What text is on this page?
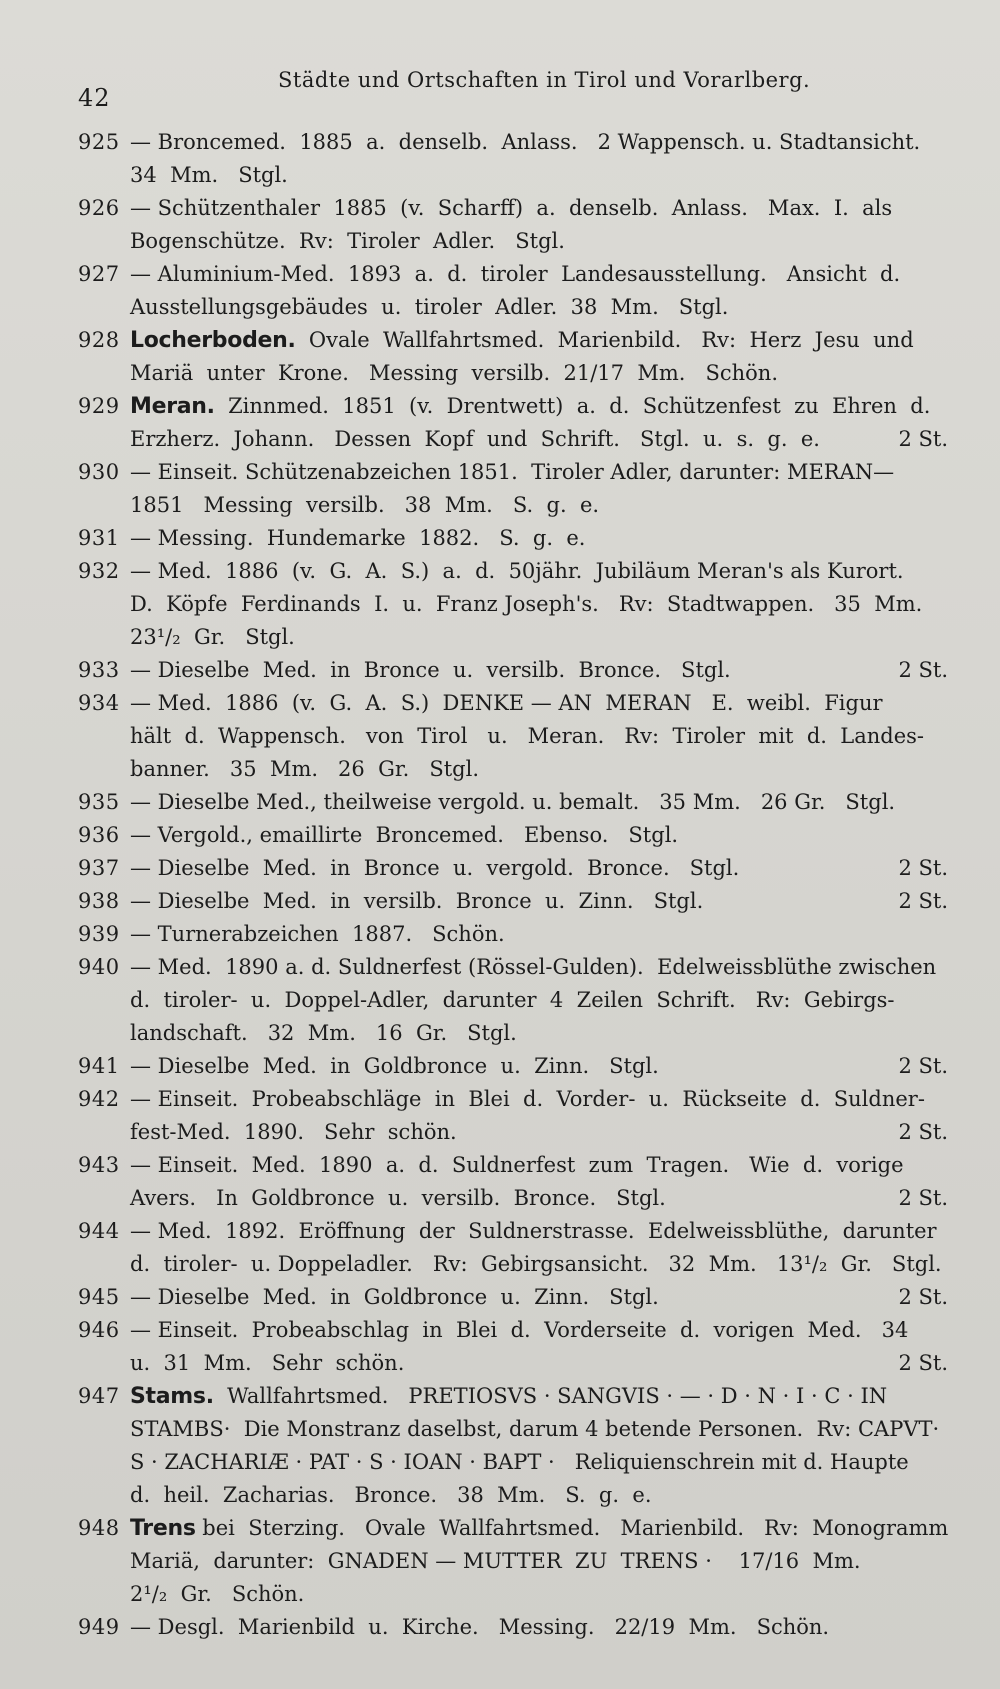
42
Städte und Ortschaften in Tirol und Vorarlberg.
925 — Broncemed.  1885  a.  denselb.  Anlass.   2 Wappensch. u. Stadtansicht.
34  Mm.   Stgl.
926 — Schützenthaler  1885  (v.  Scharff)  a.  denselb.  Anlass.   Max.  I.  als
Bogenschütze.  Rv:  Tiroler  Adler.   Stgl.
927 — Aluminium-Med.  1893  a.  d.  tiroler  Landesausstellung.   Ansicht  d.
Ausstellungsgebäudes  u.  tiroler  Adler.  38  Mm.   Stgl.
928 Locherboden.  Ovale  Wallfahrtsmed.  Marienbild.   Rv:  Herz  Jesu  und
Mariä  unter  Krone.   Messing  versilb.  21/17  Mm.   Schön.
929 Meran.  Zinnmed.  1851  (v.  Drentwett)  a.  d.  Schützenfest  zu  Ehren  d.
Erzherz.  Johann.   Dessen  Kopf  und  Schrift.   Stgl.  u.  s.  g.  e.	2 St.
930 — Einseit. Schützenabzeichen 1851.  Tiroler Adler, darunter: MERAN—
1851   Messing  versilb.   38  Mm.   S.  g.  e.
931 — Messing.  Hundemarke  1882.   S.  g.  e.
932 — Med.  1886  (v.  G.  A.  S.)  a.  d.  50jähr.  Jubiläum Meran's als Kurort.
D.  Köpfe  Ferdinands  I.  u.  Franz Joseph's.   Rv:  Stadtwappen.   35  Mm.
23¹/₂  Gr.   Stgl.
933 — Dieselbe  Med.  in  Bronce  u.  versilb.  Bronce.   Stgl.	2 St.
934 — Med.  1886  (v.  G.  A.  S.)  DENKE — AN  MERAN   E.  weibl.  Figur
hält  d.  Wappensch.   von  Tirol   u.   Meran.   Rv:  Tiroler  mit  d.  Landes-
banner.   35  Mm.   26  Gr.   Stgl.
935 — Dieselbe Med., theilweise vergold. u. bemalt.   35 Mm.   26 Gr.   Stgl.
936 — Vergold., emaillirte  Broncemed.   Ebenso.   Stgl.
937 — Dieselbe  Med.  in  Bronce  u.  vergold.  Bronce.   Stgl.	2 St.
938 — Dieselbe  Med.  in  versilb.  Bronce  u.  Zinn.   Stgl.	2 St.
939 — Turnerabzeichen  1887.   Schön.
940 — Med.  1890 a. d. Suldnerfest (Rössel-Gulden).  Edelweissblüthe zwischen
d.  tiroler-  u.  Doppel-Adler,  darunter  4  Zeilen  Schrift.   Rv:  Gebirgs-
landschaft.   32  Mm.   16  Gr.   Stgl.
941 — Dieselbe  Med.  in  Goldbronce  u.  Zinn.   Stgl.	2 St.
942 — Einseit.  Probeabschläge  in  Blei  d.  Vorder-  u.  Rückseite  d.  Suldner-
fest-Med.  1890.   Sehr  schön.	2 St.
943 — Einseit.  Med.  1890  a.  d.  Suldnerfest  zum  Tragen.   Wie  d.  vorige
Avers.   In  Goldbronce  u.  versilb.  Bronce.   Stgl.	2 St.
944 — Med.  1892.  Eröffnung  der  Suldnerstrasse.  Edelweissblüthe,  darunter
d.  tiroler-  u. Doppeladler.   Rv:  Gebirgsansicht.   32  Mm.   13¹/₂  Gr.   Stgl.
945 — Dieselbe  Med.  in  Goldbronce  u.  Zinn.   Stgl.	2 St.
946 — Einseit.  Probeabschlag  in  Blei  d.  Vorderseite  d.  vorigen  Med.   34
u.  31  Mm.   Sehr  schön.	2 St.
947 Stams.  Wallfahrtsmed.   PRETIOSVS · SANGVIS · — · D · N · I · C · IN
STAMBS·  Die Monstranz daselbst, darum 4 betende Personen.  Rv: CAPVT·
S · ZACHARIÆ · PAT · S · IOAN · BAPT ·   Reliquienschrein mit d. Haupte
d.  heil.  Zacharias.   Bronce.   38  Mm.   S.  g.  e.
948 Trens bei  Sterzing.   Ovale  Wallfahrtsmed.   Marienbild.   Rv:  Monogramm
Mariä,  darunter:  GNADEN — MUTTER  ZU  TRENS ·    17/16  Mm.
2¹/₂  Gr.   Schön.
949 — Desgl.  Marienbild  u.  Kirche.   Messing.   22/19  Mm.   Schön.
